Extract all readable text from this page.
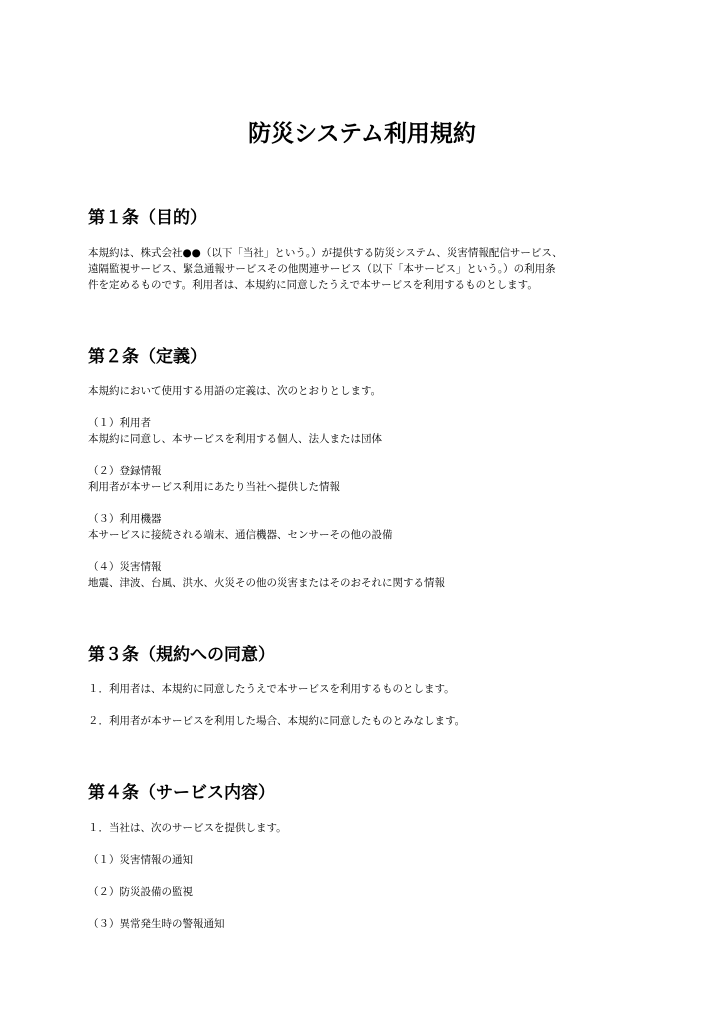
防災システム利用規約
第１条（目的）

本規約は、株式会社●●（以下「当社」という。）が提供する防災システム、災害情報配信サービス、

遠隔監視サービス、緊急通報サービスその他関連サービス（以下「本サービス」という。）の利用条

件を定めるものです。利用者は、本規約に同意したうえで本サービスを利用するものとします。

第２条（定義）

本規約において使用する用語の定義は、次のとおりとします。

（１）利用者

本規約に同意し、本サービスを利用する個人、法人または団体

（２）登録情報

利用者が本サービス利用にあたり当社へ提供した情報

（３）利用機器

本サービスに接続される端末、通信機器、センサーその他の設備

（４）災害情報

地震、津波、台風、洪水、火災その他の災害またはそのおそれに関する情報

第３条（規約への同意）

１．利用者は、本規約に同意したうえで本サービスを利用するものとします。

２．利用者が本サービスを利用した場合、本規約に同意したものとみなします。

第４条（サービス内容）

１．当社は、次のサービスを提供します。

（１）災害情報の通知

（２）防災設備の監視

（３）異常発生時の警報通知
